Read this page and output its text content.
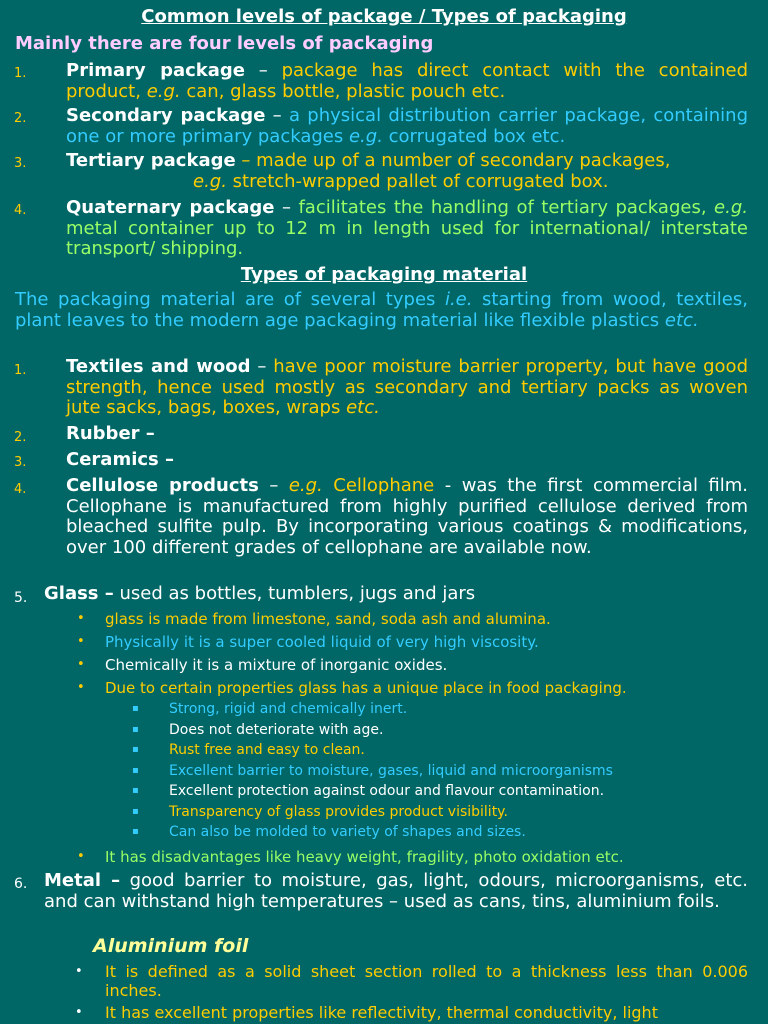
Common levels of package / Types of packaging
Mainly there are four levels of packaging
1. Primary package – package has direct contact with the contained product, e.g. can, glass bottle, plastic pouch etc.
2. Secondary package – a physical distribution carrier package, containing one or more primary packages e.g. corrugated box etc.
3. Tertiary package – made up of a number of secondary packages,
e.g. stretch-wrapped pallet of corrugated box.
4. Quaternary package – facilitates the handling of tertiary packages, e.g. metal container up to 12 m in length used for international/ interstate transport/ shipping.
Types of packaging material
The packaging material are of several types i.e. starting from wood, textiles, plant leaves to the modern age packaging material like flexible plastics etc.
1. Textiles and wood – have poor moisture barrier property, but have good strength, hence used mostly as secondary and tertiary packs as woven jute sacks, bags, boxes, wraps etc.
2. Rubber –
3. Ceramics –
4. Cellulose products – e.g. Cellophane - was the first commercial film. Cellophane is manufactured from highly purified cellulose derived from bleached sulfite pulp. By incorporating various coatings & modifications, over 100 different grades of cellophane are available now.
5. Glass – used as bottles, tumblers, jugs and jars
• glass is made from limestone, sand, soda ash and alumina.
• Physically it is a super cooled liquid of very high viscosity.
• Chemically it is a mixture of inorganic oxides.
• Due to certain properties glass has a unique place in food packaging.
▪ Strong, rigid and chemically inert.
▪ Does not deteriorate with age.
▪ Rust free and easy to clean.
▪ Excellent barrier to moisture, gases, liquid and microorganisms
▪ Excellent protection against odour and flavour contamination.
▪ Transparency of glass provides product visibility.
▪ Can also be molded to variety of shapes and sizes.
• It has disadvantages like heavy weight, fragility, photo oxidation etc.
6. Metal – good barrier to moisture, gas, light, odours, microorganisms, etc. and can withstand high temperatures – used as cans, tins, aluminium foils.
Aluminium foil
• It is defined as a solid sheet section rolled to a thickness less than 0.006 inches.
• It has excellent properties like reflectivity, thermal conductivity, light
